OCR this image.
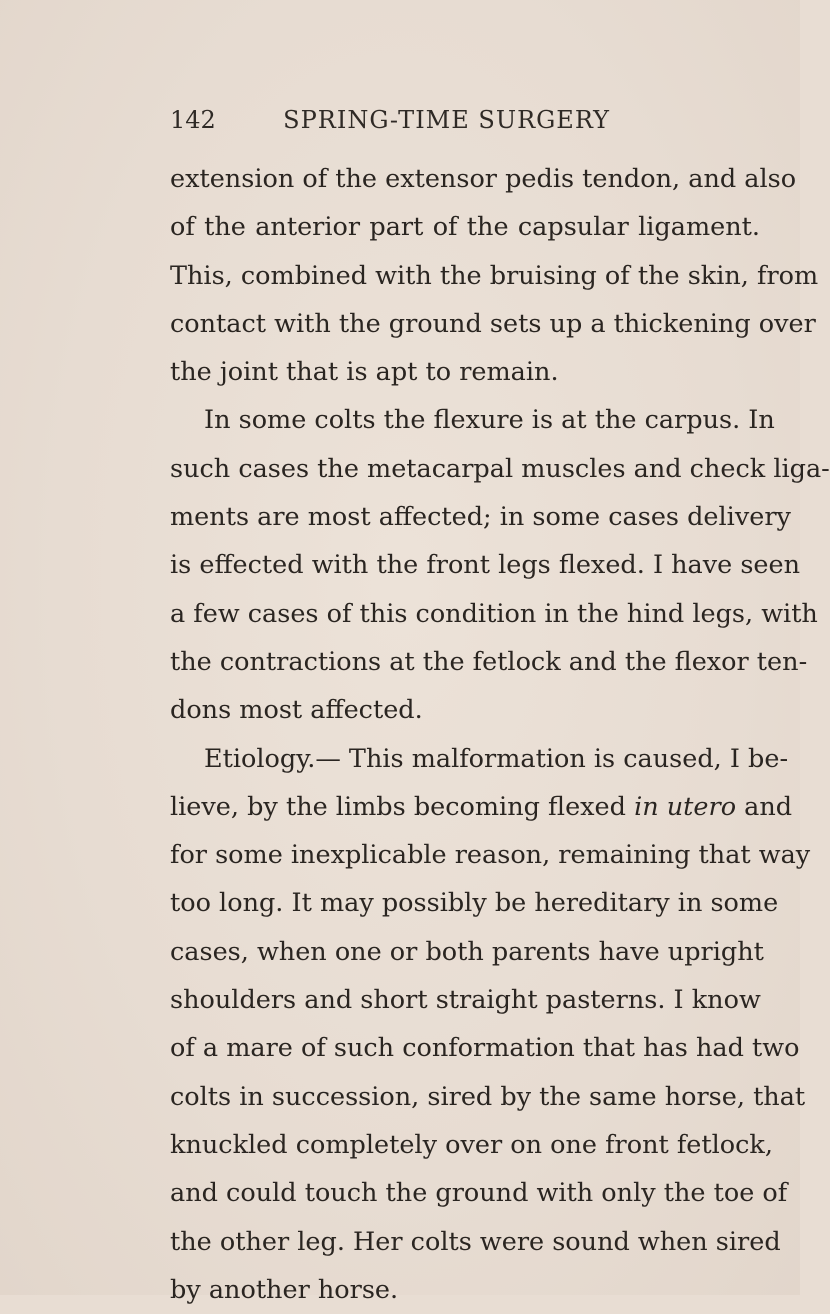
142	SPRING-TIME SURGERY
extension of the extensor pedis tendon, and also
of the anterior part of the capsular ligament.
This, combined with the bruising of the skin, from
contact with the ground sets up a thickening over
the joint that is apt to remain.
In some colts the flexure is at the carpus. In
such cases the metacarpal muscles and check liga-
ments are most affected; in some cases delivery
is effected with the front legs flexed. I have seen
a few cases of this condition in the hind legs, with
the contractions at the fetlock and the flexor ten-
dons most affected.
Etiology.— This malformation is caused, I be-
lieve, by the limbs becoming flexed in utero and
for some inexplicable reason, remaining that way
too long. It may possibly be hereditary in some
cases, when one or both parents have upright
shoulders and short straight pasterns. I know
of a mare of such conformation that has had two
colts in succession, sired by the same horse, that
knuckled completely over on one front fetlock,
and could touch the ground with only the toe of
the other leg. Her colts were sound when sired
by another horse.
